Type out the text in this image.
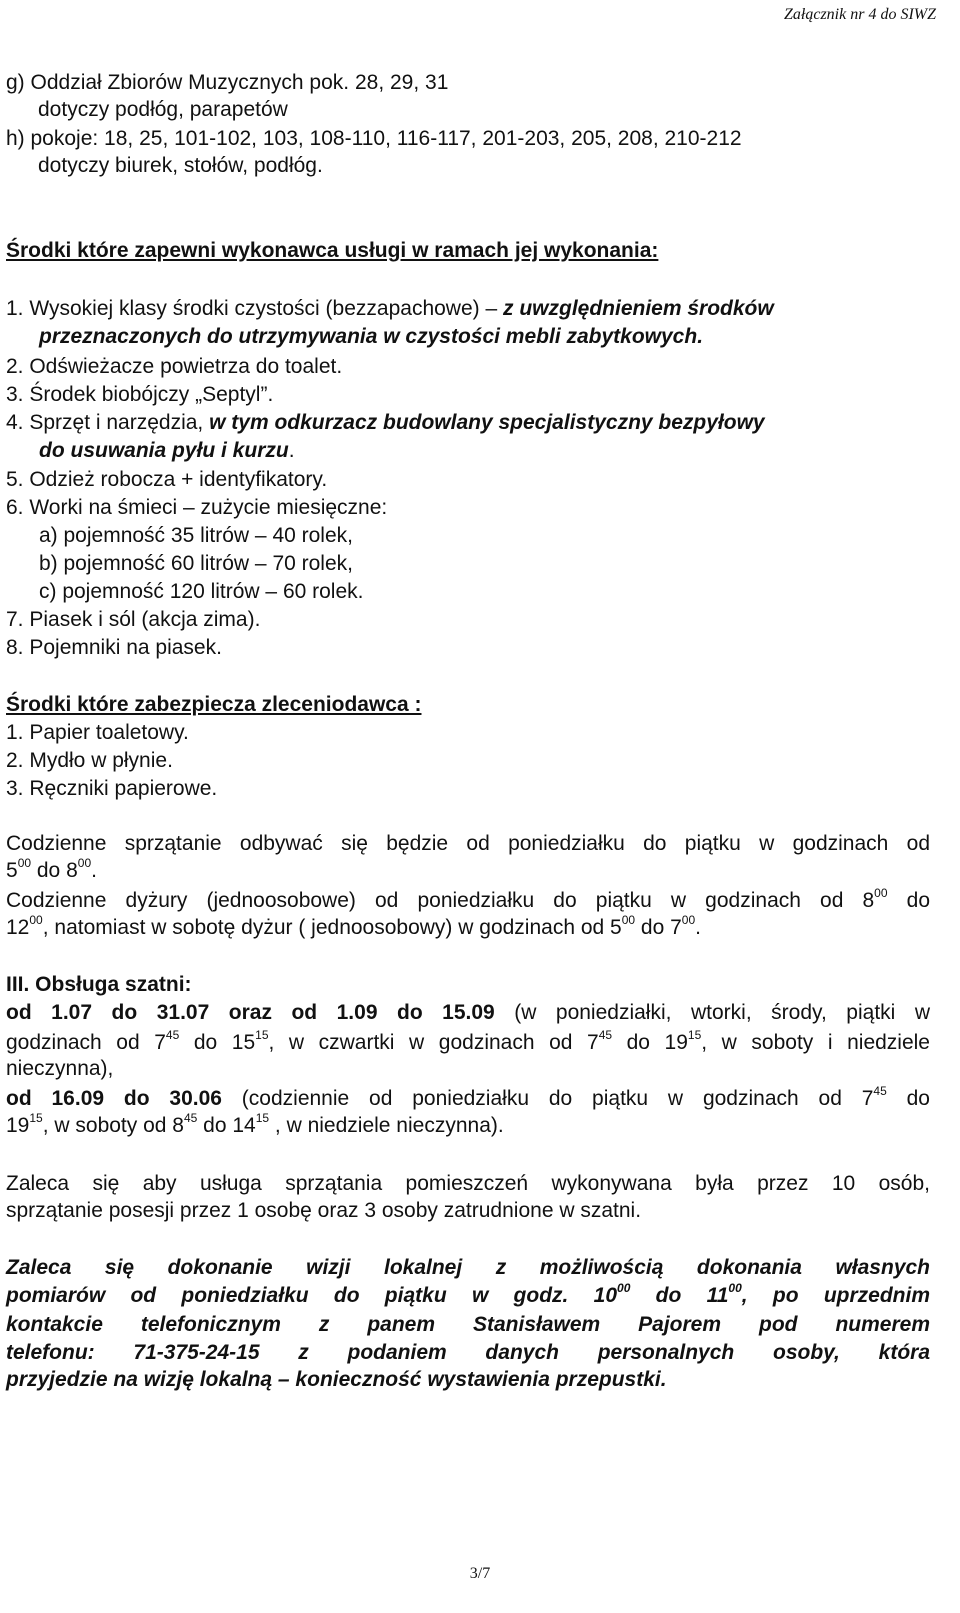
Załącznik nr 4 do SIWZ
g) Oddział Zbiorów Muzycznych pok. 28, 29, 31
dotyczy podłóg, parapetów
h) pokoje: 18, 25, 101-102, 103, 108-110, 116-117, 201-203, 205, 208, 210-212
dotyczy biurek, stołów, podłóg.
Środki które zapewni wykonawca usługi w ramach jej wykonania:
1. Wysokiej klasy środki czystości (bezzapachowe) – z uwzględnieniem środków
przeznaczonych do utrzymywania w czystości mebli zabytkowych.
2. Odświeżacze powietrza do toalet.
3. Środek biobójczy „Septyl”.
4. Sprzęt i narzędzia, w tym odkurzacz budowlany specjalistyczny bezpyłowy
do usuwania pyłu i kurzu.
5. Odzież robocza + identyfikatory.
6. Worki na śmieci – zużycie miesięczne:
a) pojemność 35 litrów – 40 rolek,
b) pojemność 60 litrów – 70 rolek,
c) pojemność 120 litrów – 60 rolek.
7. Piasek i sól (akcja zima).
8. Pojemniki na piasek.
Środki które zabezpiecza zleceniodawca :
1. Papier toaletowy.
2. Mydło w płynie.
3. Ręczniki papierowe.
Codzienne sprzątanie odbywać się będzie od poniedziałku do piątku w godzinach od
$5^{00}$ do $8^{00}$.
Codzienne dyżury (jednoosobowe) od poniedziałku do piątku w godzinach od $8^{00}$ do
$12^{00}$, natomiast w sobotę dyżur ( jednoosobowy) w godzinach od $5^{00}$ do $7^{00}$.
III. Obsługa szatni:
od 1.07 do 31.07 oraz od 1.09 do 15.09 (w poniedziałki, wtorki, środy, piątki w
godzinach od $7^{45}$ do $15^{15}$, w czwartki w godzinach od $7^{45}$ do $19^{15}$, w soboty i niedziele
nieczynna),
od 16.09 do 30.06 (codziennie od poniedziałku do piątku w godzinach od $7^{45}$ do
$19^{15}$, w soboty od $8^{45}$ do $14^{15}$ , w niedziele nieczynna).
Zaleca się aby usługa sprzątania pomieszczeń wykonywana była przez 10 osób,
sprzątanie posesji przez 1 osobę oraz 3 osoby zatrudnione w szatni.
Zaleca się dokonanie wizji lokalnej z możliwością dokonania własnych
pomiarów od poniedziałku do piątku w godz. $10^{00}$ do $11^{00}$, po uprzednim
kontakcie telefonicznym z panem Stanisławem Pajorem pod numerem
telefonu: 71-375-24-15 z podaniem danych personalnych osoby, która
przyjedzie na wizję lokalną – konieczność wystawienia przepustki.
3/7
